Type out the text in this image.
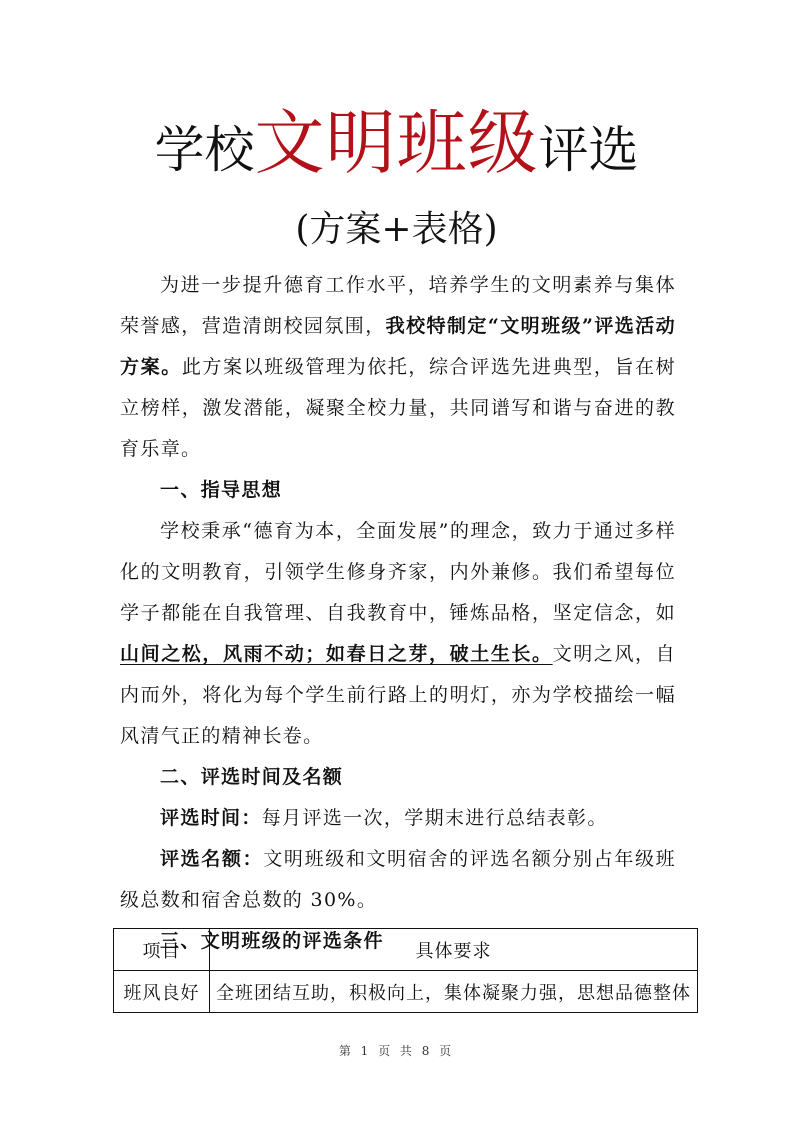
学校文明班级评选
(方案+表格)

为进一步提升德育工作水平，培养学生的文明素养与集体荣誉感，营造清朗校园氛围，我校特制定“文明班级”评选活动方案。此方案以班级管理为依托，综合评选先进典型，旨在树立榜样，激发潜能，凝聚全校力量，共同谱写和谐与奋进的教育乐章。

一、指导思想

学校秉承“德育为本，全面发展”的理念，致力于通过多样化的文明教育，引领学生修身齐家，内外兼修。我们希望每位学子都能在自我管理、自我教育中，锤炼品格，坚定信念，如山间之松，风雨不动；如春日之芽，破土生长。文明之风，自内而外，将化为每个学生前行路上的明灯，亦为学校描绘一幅风清气正的精神长卷。

二、评选时间及名额

评选时间：每月评选一次，学期末进行总结表彰。

评选名额：文明班级和文明宿舍的评选名额分别占年级班级总数和宿舍总数的 30%。

三、文明班级的评选条件

项目	具体要求
班风良好	全班团结互助，积极向上，集体凝聚力强，思想品德整体
第 1 页 共 8 页
